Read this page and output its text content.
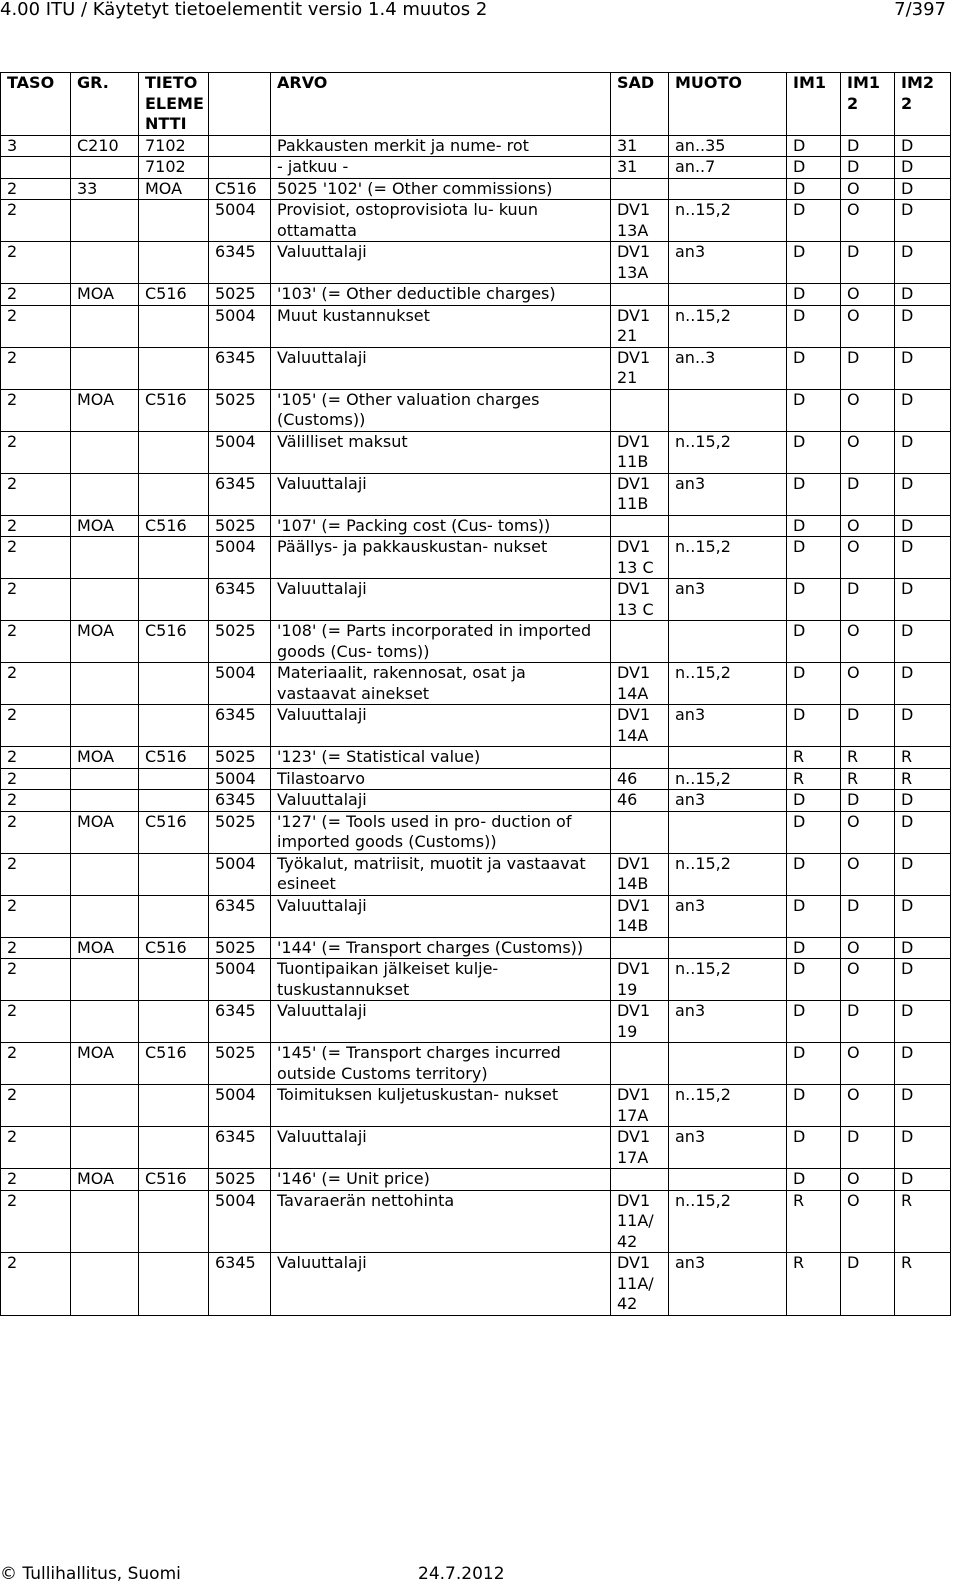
4.00 ITU / Käytetyt tietoelementit versio 1.4 muutos 2	7/397
TASO	GR.	TIETOELEMENTTI		ARVO	SAD	MUOTO	IM1	IM1 2	IM2 2
3	C210	7102		Pakkausten merkit ja nume- rot	31	an..35	D	D	D
		7102		- jatkuu -	31	an..7	D	D	D
2	33	MOA	C516	5025 '102' (= Other commissions)			D	O	D
2			5004	Provisiot, ostoprovisiota lu- kuun ottamatta	DV1 13A	n..15,2	D	O	D
2			6345	Valuuttalaji	DV1 13A	an3	D	D	D
2	MOA	C516	5025	'103' (= Other deductible charges)			D	O	D
2			5004	Muut kustannukset	DV1 21	n..15,2	D	O	D
2			6345	Valuuttalaji	DV1 21	an..3	D	D	D
2	MOA	C516	5025	'105' (= Other valuation charges (Customs))			D	O	D
2			5004	Välilliset maksut	DV1 11B	n..15,2	D	O	D
2			6345	Valuuttalaji	DV1 11B	an3	D	D	D
2	MOA	C516	5025	'107' (= Packing cost (Cus- toms))			D	O	D
2			5004	Päällys- ja pakkauskustan- nukset	DV1 13 C	n..15,2	D	O	D
2			6345	Valuuttalaji	DV1 13 C	an3	D	D	D
2	MOA	C516	5025	'108' (= Parts incorporated in imported goods (Cus- toms))			D	O	D
2			5004	Materiaalit, rakennosat, osat ja vastaavat ainekset	DV1 14A	n..15,2	D	O	D
2			6345	Valuuttalaji	DV1 14A	an3	D	D	D
2	MOA	C516	5025	'123' (= Statistical value)			R	R	R
2			5004	Tilastoarvo	46	n..15,2	R	R	R
2			6345	Valuuttalaji	46	an3	D	D	D
2	MOA	C516	5025	'127' (= Tools used in pro- duction of imported goods (Customs))			D	O	D
2			5004	Työkalut, matriisit, muotit ja vastaavat esineet	DV1 14B	n..15,2	D	O	D
2			6345	Valuuttalaji	DV1 14B	an3	D	D	D
2	MOA	C516	5025	'144' (= Transport charges (Customs))			D	O	D
2			5004	Tuontipaikan jälkeiset kulje- tuskustannukset	DV1 19	n..15,2	D	O	D
2			6345	Valuuttalaji	DV1 19	an3	D	D	D
2	MOA	C516	5025	'145' (= Transport charges incurred outside Customs territory)			D	O	D
2			5004	Toimituksen kuljetuskustan- nukset	DV1 17A	n..15,2	D	O	D
2			6345	Valuuttalaji	DV1 17A	an3	D	D	D
2	MOA	C516	5025	'146' (= Unit price)			D	O	D
2			5004	Tavaraerän nettohinta	DV1 11A/ 42	n..15,2	R	O	R
2			6345	Valuuttalaji	DV1 11A/ 42	an3	R	D	R
© Tullihallitus, Suomi	24.7.2012
